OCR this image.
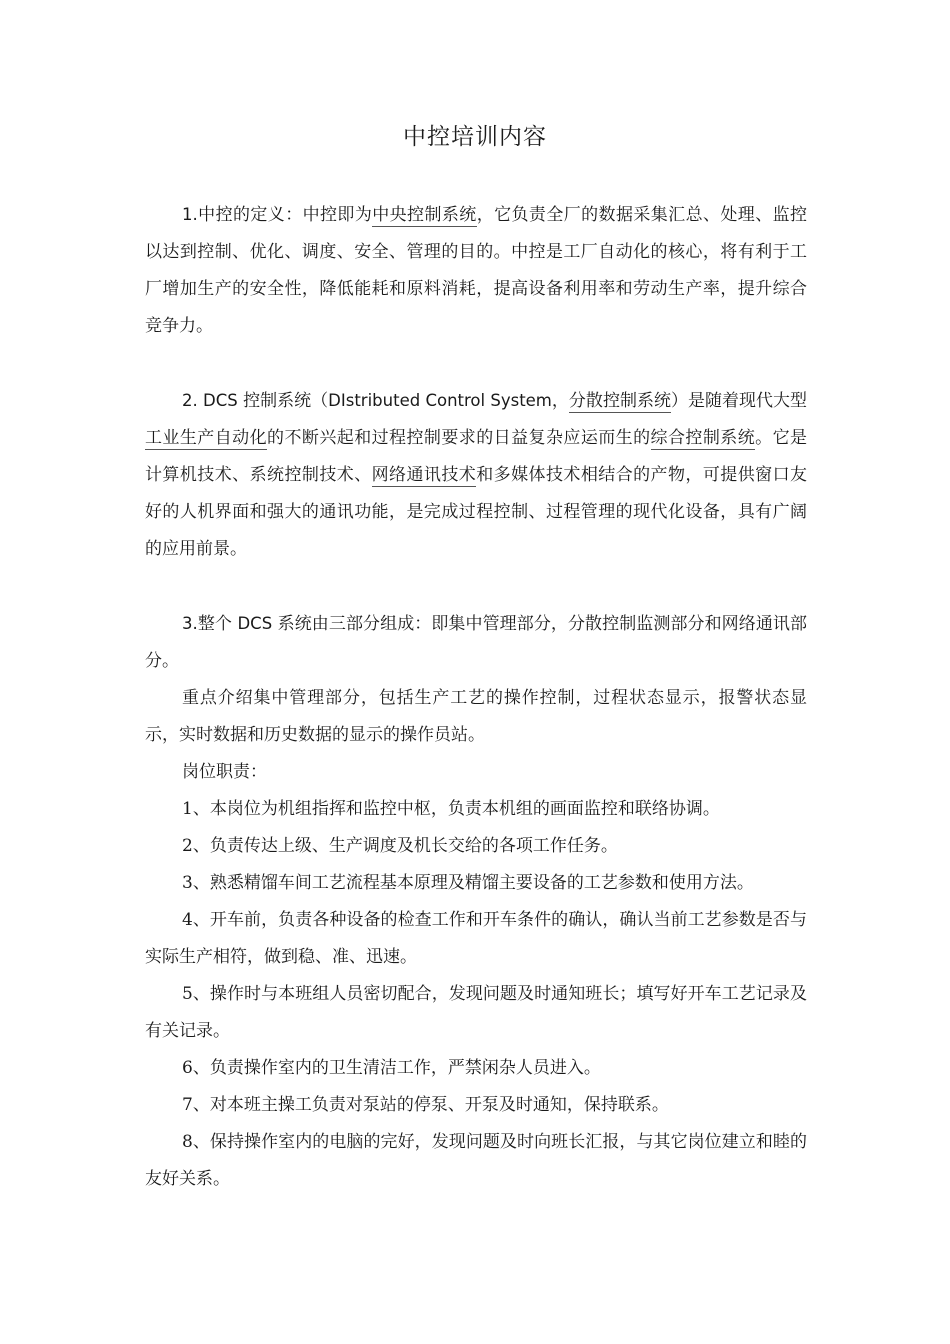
中控培训内容

1.中控的定义：中控即为中央控制系统，它负责全厂的数据采集汇总、处理、监控以达到控制、优化、调度、安全、管理的目的。中控是工厂自动化的核心，将有利于工厂增加生产的安全性，降低能耗和原料消耗，提高设备利用率和劳动生产率，提升综合竞争力。

2. DCS 控制系统（DIstributed Control System，分散控制系统）是随着现代大型工业生产自动化的不断兴起和过程控制要求的日益复杂应运而生的综合控制系统。它是计算机技术、系统控制技术、网络通讯技术和多媒体技术相结合的产物，可提供窗口友好的人机界面和强大的通讯功能，是完成过程控制、过程管理的现代化设备，具有广阔的应用前景。

3.整个 DCS 系统由三部分组成：即集中管理部分，分散控制监测部分和网络通讯部分。

重点介绍集中管理部分，包括生产工艺的操作控制，过程状态显示，报警状态显示，实时数据和历史数据的显示的操作员站。

岗位职责：

1、本岗位为机组指挥和监控中枢，负责本机组的画面监控和联络协调。

2、负责传达上级、生产调度及机长交给的各项工作任务。

3、熟悉精馏车间工艺流程基本原理及精馏主要设备的工艺参数和使用方法。

4、开车前，负责各种设备的检查工作和开车条件的确认，确认当前工艺参数是否与实际生产相符，做到稳、准、迅速。

5、操作时与本班组人员密切配合，发现问题及时通知班长；填写好开车工艺记录及有关记录。

6、负责操作室内的卫生清洁工作，严禁闲杂人员进入。

7、对本班主操工负责对泵站的停泵、开泵及时通知，保持联系。

8、保持操作室内的电脑的完好，发现问题及时向班长汇报，与其它岗位建立和睦的友好关系。
